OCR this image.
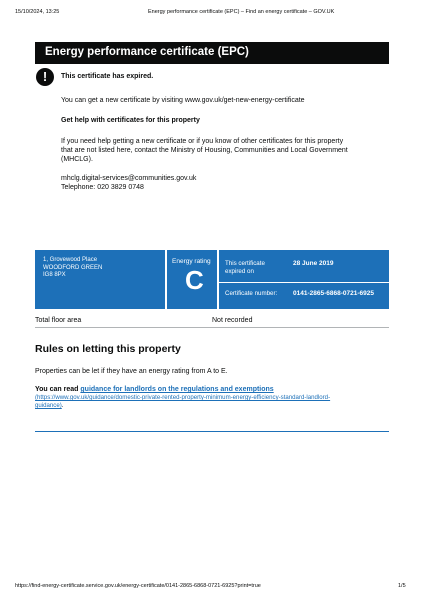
15/10/2024, 13:25	Energy performance certificate (EPC) – Find an energy certificate – GOV.UK
Energy performance certificate (EPC)
!	This certificate has expired.
You can get a new certificate by visiting www.gov.uk/get-new-energy-certificate
Get help with certificates for this property
If you need help getting a new certificate or if you know of other certificates for this property
that are not listed here, contact the Ministry of Housing, Communities and Local Government
(MHCLG).
mhclg.digital-services@communities.gov.uk
Telephone: 020 3829 0748
1, Grovewood Place
WOODFORD GREEN
IG8 8PX
Energy rating
C
This certificate
expired on
28 June 2019
Certificate number: 0141-2865-6868-0721-6925
Total floor area	Not recorded
Rules on letting this property
Properties can be let if they have an energy rating from A to E.
You can read guidance for landlords on the regulations and exemptions
(https://www.gov.uk/guidance/domestic-private-rented-property-minimum-energy-efficiency-standard-landlord-
guidance).
https://find-energy-certificate.service.gov.uk/energy-certificate/0141-2865-6868-0721-6925?print=true	1/5
